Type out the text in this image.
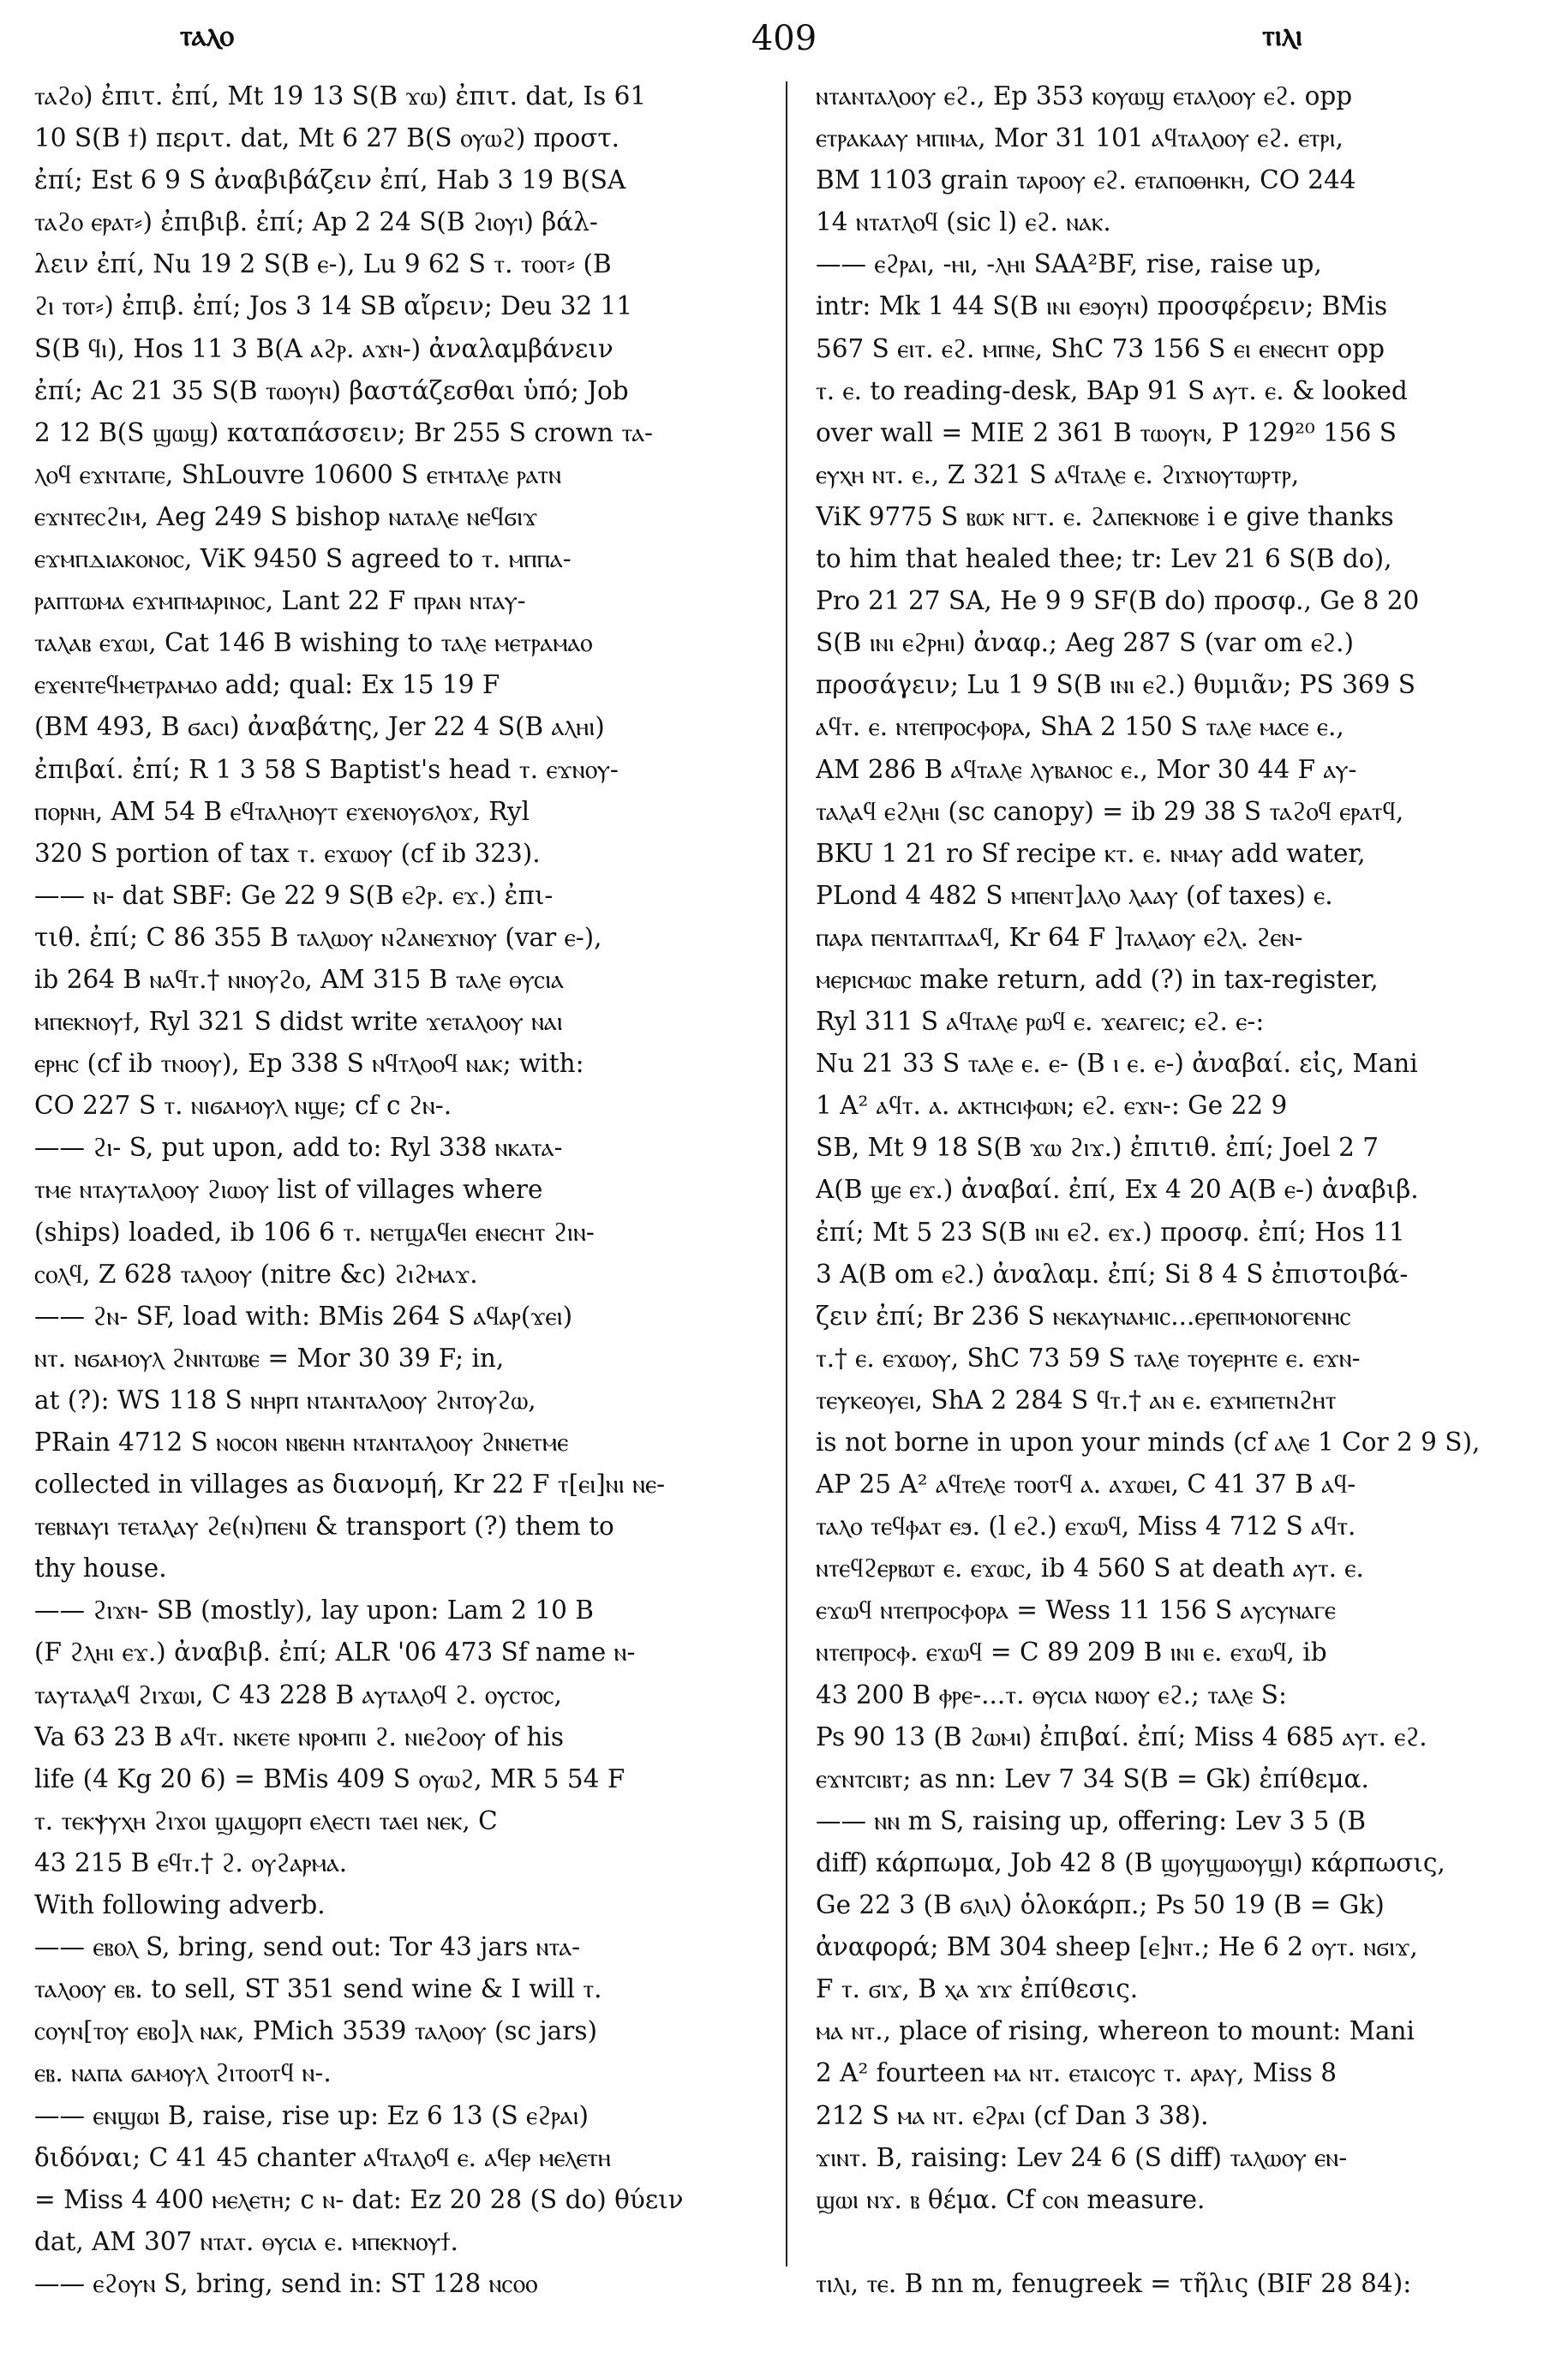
ⲧⲁⲗⲟ	409	ⲧⲓⲗⲓ
ⲧⲁϩⲟ) ἐπιτ. ἐπί, Mt 19 13 S(B ϫⲱ) ἐπιτ. dat, Is 61
10 S(B ϯ) περιτ. dat, Mt 6 27 B(S ⲟⲩⲱϩ) προστ.
ἐπί; Est 6 9 S ἀναβιβάζειν ἐπί, Hab 3 19 B(SA
ⲧⲁϩⲟ ⲉⲣⲁⲧ⸗) ἐπιβιβ. ἐπί; Ap 2 24 S(B ϩⲓⲟⲩⲓ) βάλ-
λειν ἐπί, Nu 19 2 S(B ⲉ-), Lu 9 62 S ⲧ. ⲧⲟⲟⲧ⸗ (B
ϩⲓ ⲧⲟⲧ⸗) ἐπιβ. ἐπί; Jos 3 14 SB αἴρειν; Deu 32 11
S(B ϥⲓ), Hos 11 3 B(A ⲁϩⲣ. ⲁϫⲛ-) ἀναλαμβάνειν
ἐπί; Ac 21 35 S(B ⲧⲱⲟⲩⲛ) βαστάζεσθαι ὑπό; Job
2 12 B(S ϣⲱϣ) καταπάσσειν; Br 255 S crown ⲧⲁ-
ⲗⲟϥ ⲉϫⲛⲧⲁⲡⲉ, ShLouvre 10600 S ⲉⲧⲙⲧⲁⲗⲉ ⲣⲁⲧⲛ
ⲉϫⲛⲧⲉⲥϩⲓⲙ, Aeg 249 S bishop ⲛⲁⲧⲁⲗⲉ ⲛⲉϥϭⲓϫ
ⲉϫⲙⲡⲇⲓⲁⲕⲟⲛⲟⲥ, ViK 9450 S agreed to ⲧ. ⲙⲡⲡⲁ-
ⲣⲁⲡⲧⲱⲙⲁ ⲉϫⲙⲡⲙⲁⲣⲓⲛⲟⲥ, Lant 22 F ⲡⲣⲁⲛ ⲛⲧⲁⲩ-
ⲧⲁⲗⲁⲃ ⲉϫⲱⲓ, Cat 146 B wishing to ⲧⲁⲗⲉ ⲙⲉⲧⲣⲁⲙⲁⲟ
ⲉϫⲉⲛⲧⲉϥⲙⲉⲧⲣⲁⲙⲁⲟ add; qual: Ex 15 19 F
(BM 493, B ϭⲁⲥⲓ) ἀναβάτης, Jer 22 4 S(B ⲁⲗⲏⲓ)
ἐπιβαί. ἐπί; R 1 3 58 S Baptist's head ⲧ. ⲉϫⲛⲟⲩ-
ⲡⲟⲣⲛⲏ, AM 54 B ⲉϥⲧⲁⲗⲏⲟⲩⲧ ⲉϫⲉⲛⲟⲩϭⲗⲟϫ, Ryl
320 S portion of tax ⲧ. ⲉϫⲱⲟⲩ (cf ib 323).
—— ⲛ- dat SBF: Ge 22 9 S(B ⲉϩⲣ. ⲉϫ.) ἐπι-
τιθ. ἐπί; C 86 355 B ⲧⲁⲗⲱⲟⲩ ⲛϩⲁⲛⲉϫⲛⲟⲩ (var ⲉ-),
ib 264 B ⲛⲁϥⲧ.† ⲛⲛⲟⲩϩⲟ, AM 315 B ⲧⲁⲗⲉ ⲑⲩⲥⲓⲁ
ⲙⲡⲉⲕⲛⲟⲩϯ, Ryl 321 S didst write ϫⲉⲧⲁⲗⲟⲟⲩ ⲛⲁⲓ
ⲉⲣⲏⲥ (cf ib ⲧⲛⲟⲟⲩ), Ep 338 S ⲛϥⲧⲗⲟⲟϥ ⲛⲁⲕ; with:
CO 227 S ⲧ. ⲛⲓϭⲁⲙⲟⲩⲗ ⲛϣⲉ; cf c ϩⲛ-.
—— ϩⲓ- S, put upon, add to: Ryl 338 ⲛⲕⲁⲧⲁ-
ⲧⲙⲉ ⲛⲧⲁⲩⲧⲁⲗⲟⲟⲩ ϩⲓⲱⲟⲩ list of villages where
(ships) loaded, ib 106 6 ⲧ. ⲛⲉⲧϣⲁϥⲉⲓ ⲉⲛⲉⲥⲏⲧ ϩⲓⲛ-
ⲥⲟⲗϥ, Z 628 ⲧⲁⲗⲟⲟⲩ (nitre &c) ϩⲓϩⲙⲁϫ.
—— ϩⲛ- SF, load with: BMis 264 S ⲁϥⲁⲣ(ϫⲉⲓ)
ⲛⲧ. ⲛϭⲁⲙⲟⲩⲗ ϩⲛⲛⲧⲱⲃⲉ = Mor 30 39 F; in,
at (?): WS 118 S ⲛⲏⲣⲡ ⲛⲧⲁⲛⲧⲁⲗⲟⲟⲩ ϩⲛⲧⲟⲩϩⲱ,
PRain 4712 S ⲛⲟⲥⲟⲛ ⲛⲃⲉⲛⲏ ⲛⲧⲁⲛⲧⲁⲗⲟⲟⲩ ϩⲛⲛⲉⲧⲙⲉ
collected in villages as διανομή, Kr 22 F ⲧ[ⲉⲓ]ⲛⲓ ⲛⲉ-
ⲧⲉⲃⲛⲁⲩⲓ ⲧⲉⲧⲁⲗⲁⲩ ϩⲉ(ⲛ)ⲡⲉⲛⲓ & transport (?) them to
thy house.
—— ϩⲓϫⲛ- SB (mostly), lay upon: Lam 2 10 B
(F ϩⲗⲏⲓ ⲉϫ.) ἀναβιβ. ἐπί; ALR '06 473 Sf name ⲛ-
ⲧⲁⲩⲧⲁⲗⲁϥ ϩⲓϫⲱⲓ, C 43 228 B ⲁⲩⲧⲁⲗⲟϥ ϩ. ⲟⲩⲥⲧⲟⲥ,
Va 63 23 B ⲁϥⲧ. ⲛⲕⲉⲧⲉ ⲛⲣⲟⲙⲡⲓ ϩ. ⲛⲓⲉϩⲟⲟⲩ of his
life (4 Kg 20 6) = BMis 409 S ⲟⲩⲱϩ, MR 5 54 F
ⲧ. ⲧⲉⲕⲯⲩⲭⲏ ϩⲓϫⲟⲓ ϣⲁϣⲟⲣⲡ ⲉⲗⲉⲥⲧⲓ ⲧⲁⲉⲓ ⲛⲉⲕ, C
43 215 B ⲉϥⲧ.† ϩ. ⲟⲩϩⲁⲣⲙⲁ.
With following adverb.
—— ⲉⲃⲟⲗ S, bring, send out: Tor 43 jars ⲛⲧⲁ-
ⲧⲁⲗⲟⲟⲩ ⲉⲃ. to sell, ST 351 send wine & I will ⲧ.
ⲥⲟⲩⲛ[ⲧⲟⲩ ⲉⲃⲟ]ⲗ ⲛⲁⲕ, PMich 3539 ⲧⲁⲗⲟⲟⲩ (sc jars)
ⲉⲃ. ⲛⲁⲡⲁ ϭⲁⲙⲟⲩⲗ ϩⲓⲧⲟⲟⲧϥ ⲛ-.
—— ⲉⲛϣⲱⲓ B, raise, rise up: Ez 6 13 (S ⲉϩⲣⲁⲓ)
διδόναι; C 41 45 chanter ⲁϥⲧⲁⲗⲟϥ ⲉ. ⲁϥⲉⲣ ⲙⲉⲗⲉⲧⲏ
= Miss 4 400 ⲙⲉⲗⲉⲧⲏ; c ⲛ- dat: Ez 20 28 (S do) θύειν
dat, AM 307 ⲛⲧⲁⲧ. ⲑⲩⲥⲓⲁ ⲉ. ⲙⲡⲉⲕⲛⲟⲩϯ.
—— ⲉϩⲟⲩⲛ S, bring, send in: ST 128 ⲛⲥⲟⲟ
ⲛⲧⲁⲛⲧⲁⲗⲟⲟⲩ ⲉϩ., Ep 353 ⲕⲟⲩⲱϣ ⲉⲧⲁⲗⲟⲟⲩ ⲉϩ. opp
ⲉⲧⲣⲁⲕⲁⲁⲩ ⲙⲡⲓⲙⲁ, Mor 31 101 ⲁϥⲧⲁⲗⲟⲟⲩ ⲉϩ. ⲉⲧⲣⲓ,
BM 1103 grain ⲧⲁⲣⲟⲟⲩ ⲉϩ. ⲉⲧⲁⲡⲟⲑⲏⲕⲏ, CO 244
14 ⲛⲧⲁⲧⲗⲟϥ (sic l) ⲉϩ. ⲛⲁⲕ.
—— ⲉϩⲣⲁⲓ, -ⲏⲓ, -ⲗⲏⲓ SAA²BF, rise, raise up,
intr: Mk 1 44 S(B ⲓⲛⲓ ⲉϧⲟⲩⲛ) προσφέρειν; BMis
567 S ⲉⲓⲧ. ⲉϩ. ⲙⲡⲛⲉ, ShC 73 156 S ⲉⲓ ⲉⲛⲉⲥⲏⲧ opp
ⲧ. ⲉ. to reading-desk, BAp 91 S ⲁⲩⲧ. ⲉ. & looked
over wall = MIE 2 361 B ⲧⲱⲟⲩⲛ, P 129²⁰ 156 S
ⲉⲩⲭⲏ ⲛⲧ. ⲉ., Z 321 S ⲁϥⲧⲁⲗⲉ ⲉ. ϩⲓϫⲛⲟⲩⲧⲱⲣⲧⲣ,
ViK 9775 S ⲃⲱⲕ ⲛⲅⲧ. ⲉ. ϩⲁⲡⲉⲕⲛⲟⲃⲉ i e give thanks
to him that healed thee; tr: Lev 21 6 S(B do),
Pro 21 27 SA, He 9 9 SF(B do) προσφ., Ge 8 20
S(B ⲓⲛⲓ ⲉϩⲣⲏⲓ) ἀναφ.; Aeg 287 S (var om ⲉϩ.)
προσάγειν; Lu 1 9 S(B ⲓⲛⲓ ⲉϩ.) θυμιᾶν; PS 369 S
ⲁϥⲧ. ⲉ. ⲛⲧⲉⲡⲣⲟⲥⲫⲟⲣⲁ, ShA 2 150 S ⲧⲁⲗⲉ ⲙⲁⲥⲉ ⲉ.,
AM 286 B ⲁϥⲧⲁⲗⲉ ⲗⲩⲃⲁⲛⲟⲥ ⲉ., Mor 30 44 F ⲁⲩ-
ⲧⲁⲗⲁϥ ⲉϩⲗⲏⲓ (sc canopy) = ib 29 38 S ⲧⲁϩⲟϥ ⲉⲣⲁⲧϥ,
BKU 1 21 ro Sf recipe ⲕⲧ. ⲉ. ⲛⲙⲁⲩ add water,
PLond 4 482 S ⲙⲡⲉⲛⲧ]ⲁⲗⲟ ⲗⲁⲁⲩ (of taxes) ⲉ.
ⲡⲁⲣⲁ ⲡⲉⲛⲧⲁⲡⲧⲁⲁϥ, Kr 64 F ]ⲧⲁⲗⲁⲟⲩ ⲉϩⲗ. ϩⲉⲛ-
ⲙⲉⲣⲓⲥⲙⲱⲥ make return, add (?) in tax-register,
Ryl 311 S ⲁϥⲧⲁⲗⲉ ⲣⲱϥ ⲉ. ϫⲉⲁⲅⲉⲓⲥ; ⲉϩ. ⲉ-:
Nu 21 33 S ⲧⲁⲗⲉ ⲉ. ⲉ- (B ⲓ ⲉ. ⲉ-) ἀναβαί. εἰς, Mani
1 A² ⲁϥⲧ. ⲁ. ⲁⲕⲧⲏⲥⲓⲫⲱⲛ; ⲉϩ. ⲉϫⲛ-: Ge 22 9
SB, Mt 9 18 S(B ϫⲱ ϩⲓϫ.) ἐπιτιθ. ἐπί; Joel 2 7
A(B ϣⲉ ⲉϫ.) ἀναβαί. ἐπί, Ex 4 20 A(B ⲉ-) ἀναβιβ.
ἐπί; Mt 5 23 S(B ⲓⲛⲓ ⲉϩ. ⲉϫ.) προσφ. ἐπί; Hos 11
3 A(B om ⲉϩ.) ἀναλαμ. ἐπί; Si 8 4 S ἐπιστοιβά-
ζειν ἐπί; Br 236 S ⲛⲉⲕⲁⲩⲛⲁⲙⲓⲥ...ⲉⲣⲉⲡⲙⲟⲛⲟⲅⲉⲛⲏⲥ
ⲧ.† ⲉ. ⲉϫⲱⲟⲩ, ShC 73 59 S ⲧⲁⲗⲉ ⲧⲟⲩⲉⲣⲏⲧⲉ ⲉ. ⲉϫⲛ-
ⲧⲉⲩⲕⲉⲟⲩⲉⲓ, ShA 2 284 S ϥⲧ.† ⲁⲛ ⲉ. ⲉϫⲙⲡⲉⲧⲛϩⲏⲧ
is not borne in upon your minds (cf ⲁⲗⲉ 1 Cor 2 9 S),
AP 25 A² ⲁϥⲧⲉⲗⲉ ⲧⲟⲟⲧϥ ⲁ. ⲁϫⲱⲉⲓ, C 41 37 B ⲁϥ-
ⲧⲁⲗⲟ ⲧⲉϥⲫⲁⲧ ⲉϧ. (l ⲉϩ.) ⲉϫⲱϥ, Miss 4 712 S ⲁϥⲧ.
ⲛⲧⲉϥϩⲉⲣⲃⲱⲧ ⲉ. ⲉϫⲱⲥ, ib 4 560 S at death ⲁⲩⲧ. ⲉ.
ⲉϫⲱϥ ⲛⲧⲉⲡⲣⲟⲥⲫⲟⲣⲁ = Wess 11 156 S ⲁⲩⲥⲩⲛⲁⲅⲉ
ⲛⲧⲉⲡⲣⲟⲥⲫ. ⲉϫⲱϥ = C 89 209 B ⲓⲛⲓ ⲉ. ⲉϫⲱϥ, ib
43 200 B ⲫⲣⲉ-...ⲧ. ⲑⲩⲥⲓⲁ ⲛⲱⲟⲩ ⲉϩ.; ⲧⲁⲗⲉ S:
Ps 90 13 (B ϩⲱⲙⲓ) ἐπιβαί. ἐπί; Miss 4 685 ⲁⲩⲧ. ⲉϩ.
ⲉϫⲛⲧⲥⲓⲃⲧ; as nn: Lev 7 34 S(B = Gk) ἐπίθεμα.
—— ⲛⲛ m S, raising up, offering: Lev 3 5 (B
diff) κάρπωμα, Job 42 8 (B ϣⲟⲩϣⲱⲟⲩϣⲓ) κάρπωσις,
Ge 22 3 (B ϭⲗⲓⲗ) ὁλοκάρπ.; Ps 50 19 (B = Gk)
ἀναφορά; BM 304 sheep [ⲉ]ⲛⲧ.; He 6 2 ⲟⲩⲧ. ⲛϭⲓϫ,
F ⲧ. ϭⲓϫ, B ⲭⲁ ϫⲓϫ ἐπίθεσις.
ⲙⲁ ⲛⲧ., place of rising, whereon to mount: Mani
2 A² fourteen ⲙⲁ ⲛⲧ. ⲉⲧⲁⲓⲥⲟⲩⲥ ⲧ. ⲁⲣⲁⲩ, Miss 8
212 S ⲙⲁ ⲛⲧ. ⲉϩⲣⲁⲓ (cf Dan 3 38).
ϫⲓⲛⲧ. B, raising: Lev 24 6 (S diff) ⲧⲁⲗⲱⲟⲩ ⲉⲛ-
ϣⲱⲓ ⲛϫ. ⲃ θέμα. Cf ⲥⲟⲛ measure.
ⲧⲓⲗⲓ, ⲧⲉ. B nn m, fenugreek = τῆλις (BIF 28 84):
